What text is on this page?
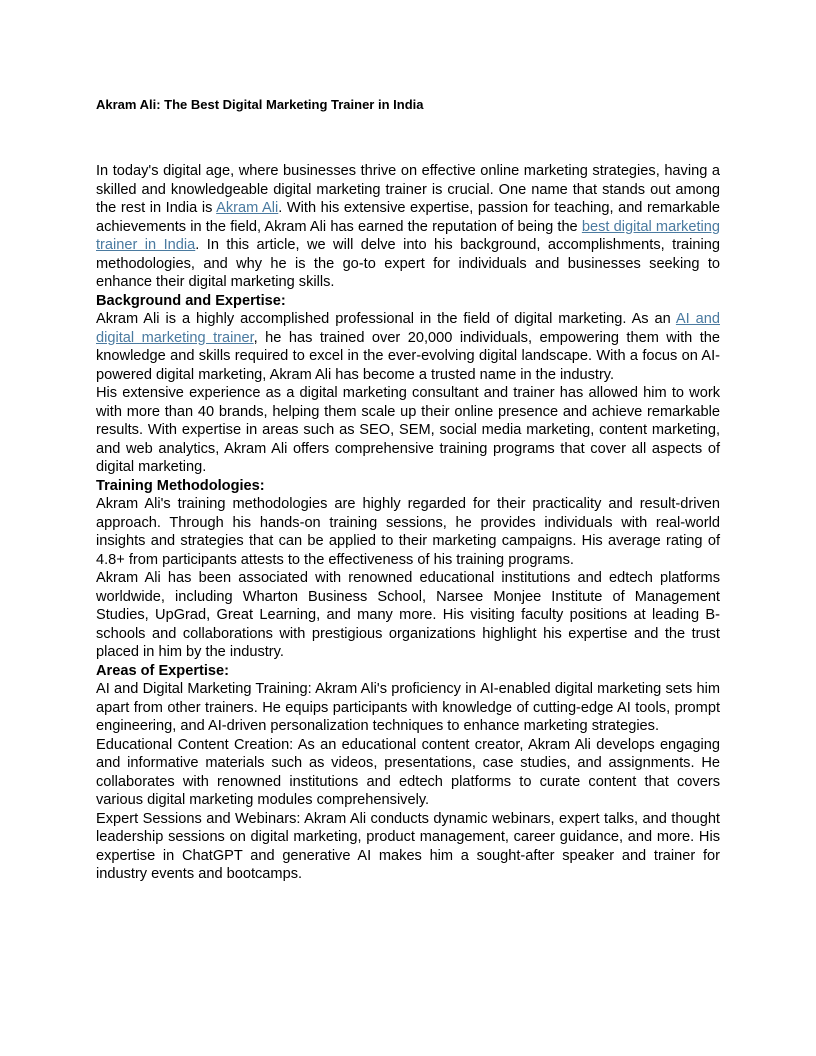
Akram Ali: The Best Digital Marketing Trainer in India

In today's digital age, where businesses thrive on effective online marketing strategies, having a skilled and knowledgeable digital marketing trainer is crucial. One name that stands out among the rest in India is Akram Ali. With his extensive expertise, passion for teaching, and remarkable achievements in the field, Akram Ali has earned the reputation of being the best digital marketing trainer in India. In this article, we will delve into his background, accomplishments, training methodologies, and why he is the go-to expert for individuals and businesses seeking to enhance their digital marketing skills.

Background and Expertise:

Akram Ali is a highly accomplished professional in the field of digital marketing. As an AI and digital marketing trainer, he has trained over 20,000 individuals, empowering them with the knowledge and skills required to excel in the ever-evolving digital landscape. With a focus on AI-powered digital marketing, Akram Ali has become a trusted name in the industry.

His extensive experience as a digital marketing consultant and trainer has allowed him to work with more than 40 brands, helping them scale up their online presence and achieve remarkable results. With expertise in areas such as SEO, SEM, social media marketing, content marketing, and web analytics, Akram Ali offers comprehensive training programs that cover all aspects of digital marketing.

Training Methodologies:

Akram Ali's training methodologies are highly regarded for their practicality and result-driven approach. Through his hands-on training sessions, he provides individuals with real-world insights and strategies that can be applied to their marketing campaigns. His average rating of 4.8+ from participants attests to the effectiveness of his training programs.

Akram Ali has been associated with renowned educational institutions and edtech platforms worldwide, including Wharton Business School, Narsee Monjee Institute of Management Studies, UpGrad, Great Learning, and many more. His visiting faculty positions at leading B-schools and collaborations with prestigious organizations highlight his expertise and the trust placed in him by the industry.

Areas of Expertise:

AI and Digital Marketing Training: Akram Ali's proficiency in AI-enabled digital marketing sets him apart from other trainers. He equips participants with knowledge of cutting-edge AI tools, prompt engineering, and AI-driven personalization techniques to enhance marketing strategies.

Educational Content Creation: As an educational content creator, Akram Ali develops engaging and informative materials such as videos, presentations, case studies, and assignments. He collaborates with renowned institutions and edtech platforms to curate content that covers various digital marketing modules comprehensively.

Expert Sessions and Webinars: Akram Ali conducts dynamic webinars, expert talks, and thought leadership sessions on digital marketing, product management, career guidance, and more. His expertise in ChatGPT and generative AI makes him a sought-after speaker and trainer for industry events and bootcamps.
